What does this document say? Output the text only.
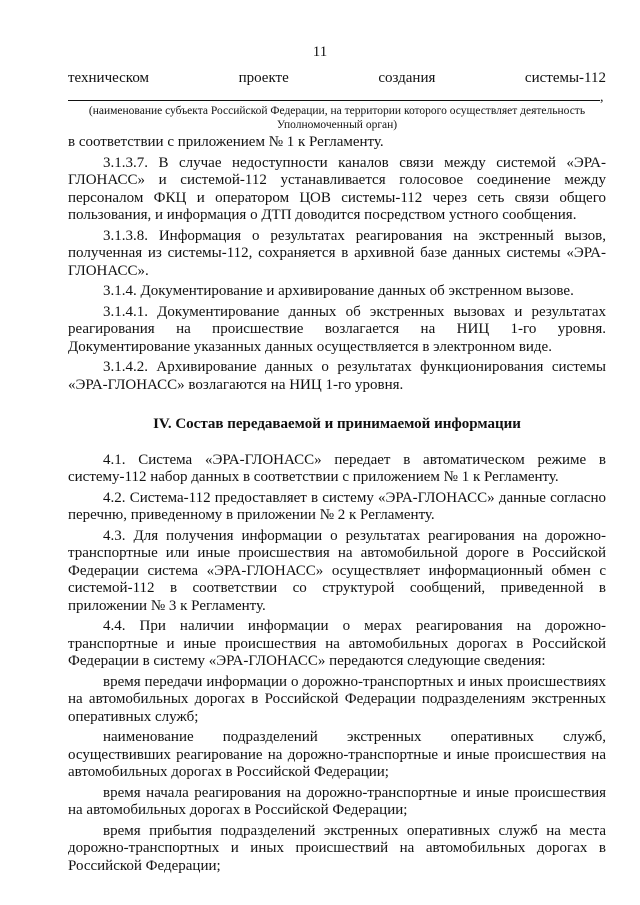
11
техническом	проекте	создания	системы-112
,
(наименование субъекта Российской Федерации, на территории которого осуществляет деятельность Уполномоченный орган)

в соответствии с приложением № 1 к Регламенту.

3.1.3.7. В случае недоступности каналов связи между системой «ЭРА-ГЛОНАСС» и системой-112 устанавливается голосовое соединение между персоналом ФКЦ и оператором ЦОВ системы-112 через сеть связи общего пользования, и информация о ДТП доводится посредством устного сообщения.

3.1.3.8. Информация о результатах реагирования на экстренный вызов, полученная из системы-112, сохраняется в архивной базе данных системы «ЭРА-ГЛОНАСС».

3.1.4. Документирование и архивирование данных об экстренном вызове.

3.1.4.1. Документирование данных об экстренных вызовах и результатах реагирования на происшествие возлагается на НИЦ 1-го уровня. Документирование указанных данных осуществляется в электронном виде.

3.1.4.2. Архивирование данных о результатах функционирования системы «ЭРА-ГЛОНАСС» возлагаются на НИЦ 1-го уровня.

IV. Состав передаваемой и принимаемой информации

4.1. Система «ЭРА-ГЛОНАСС» передает в автоматическом режиме в систему-112 набор данных в соответствии с приложением № 1 к Регламенту.

4.2. Система-112 предоставляет в систему «ЭРА-ГЛОНАСС» данные согласно перечню, приведенному в приложении № 2 к Регламенту.

4.3. Для получения информации о результатах реагирования на дорожно-транспортные или иные происшествия на автомобильной дороге в Российской Федерации система «ЭРА-ГЛОНАСС» осуществляет информационный обмен с системой-112 в соответствии со структурой сообщений, приведенной в приложении № 3 к Регламенту.

4.4. При наличии информации о мерах реагирования на дорожно-транспортные и иные происшествия на автомобильных дорогах в Российской Федерации в систему «ЭРА-ГЛОНАСС» передаются следующие сведения:

время передачи информации о дорожно-транспортных и иных происшествиях на автомобильных дорогах в Российской Федерации подразделениям экстренных оперативных служб;

наименование подразделений экстренных оперативных служб, осуществивших реагирование на дорожно-транспортные и иные происшествия на автомобильных дорогах в Российской Федерации;

время начала реагирования на дорожно-транспортные и иные происшествия на автомобильных дорогах в Российской Федерации;

время прибытия подразделений экстренных оперативных служб на места дорожно-транспортных и иных происшествий на автомобильных дорогах в Российской Федерации;
